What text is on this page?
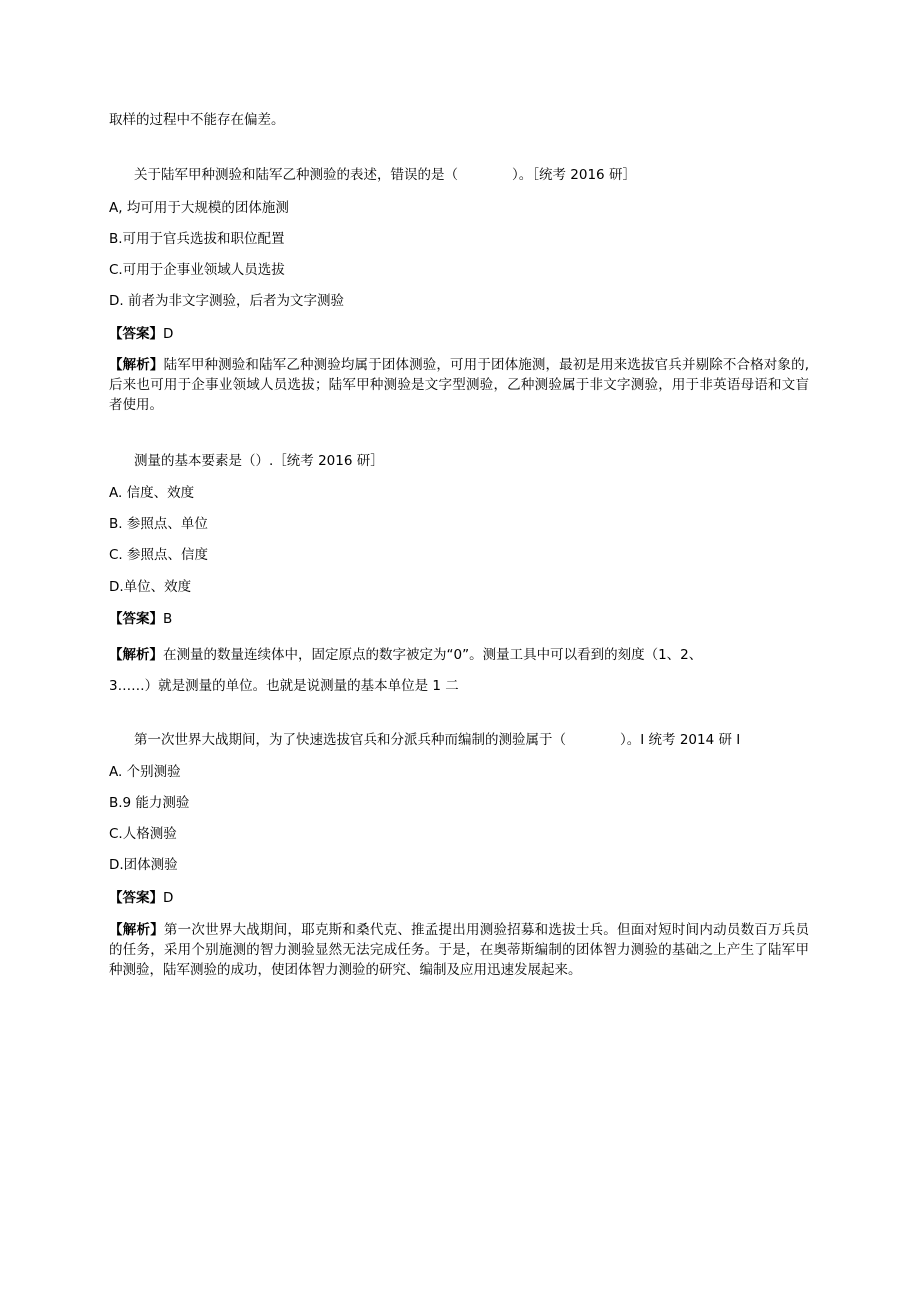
取样的过程中不能存在偏差。
关于陆军甲种测验和陆军乙种测验的表述，错误的是（　　　　）。［统考 2016 研］
A, 均可用于大规模的团体施测
B.可用于官兵选拔和职位配置
C.可用于企事业领域人员选拔
D. 前者为非文字测验，后者为文字测验
【答案】D
【解析】陆军甲种测验和陆军乙种测验均属于团体测验，可用于团体施测，最初是用来选拔官兵并剔除不合格对象的, 后来也可用于企事业领域人员选拔；陆军甲种测验是文字型测验，乙种测验属于非文字测验，用于非英语母语和文盲者使用。
测量的基本要素是（）.［统考 2016 研］
A. 信度、效度
B. 参照点、单位
C. 参照点、信度
D.单位、效度
【答案】B
【解析】在测量的数量连续体中，固定原点的数字被定为“0”。测量工具中可以看到的刻度（1、2、
3……）就是测量的单位。也就是说测量的基本单位是 1 二
第一次世界大战期间，为了快速选拔官兵和分派兵种而编制的测验属于（　　　　）。I 统考 2014 研 I
A. 个别测验
B.9 能力测验
C.人格测验
D.团体测验
【答案】D
【解析】第一次世界大战期间，耶克斯和桑代克、推孟提出用测验招募和选拔士兵。但面对短时间内动员数百万兵员的任务，采用个别施测的智力测验显然无法完成任务。于是，在奥蒂斯编制的团体智力测验的基础之上产生了陆军甲种测验，陆军测验的成功，使团体智力测验的研究、编制及应用迅速发展起来。
